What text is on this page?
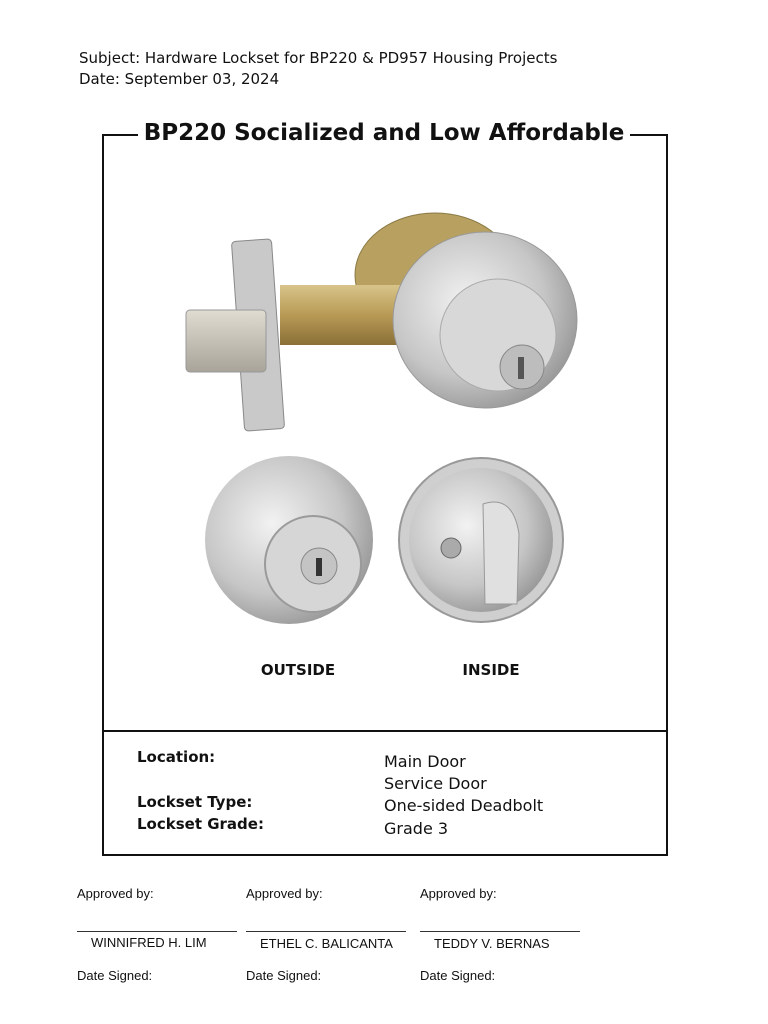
Subject: Hardware Lockset for BP220 & PD957 Housing Projects
Date: September 03, 2024
BP220 Socialized and Low Affordable
OUTSIDE	INSIDE
Location:	Main Door
Service Door
Lockset Type:	One-sided Deadbolt
Lockset Grade:	Grade 3
Approved by:	Approved by:	Approved by:
WINNIFRED H. LIM	ETHEL C. BALICANTA	TEDDY V. BERNAS
Date Signed:	Date Signed:	Date Signed:
